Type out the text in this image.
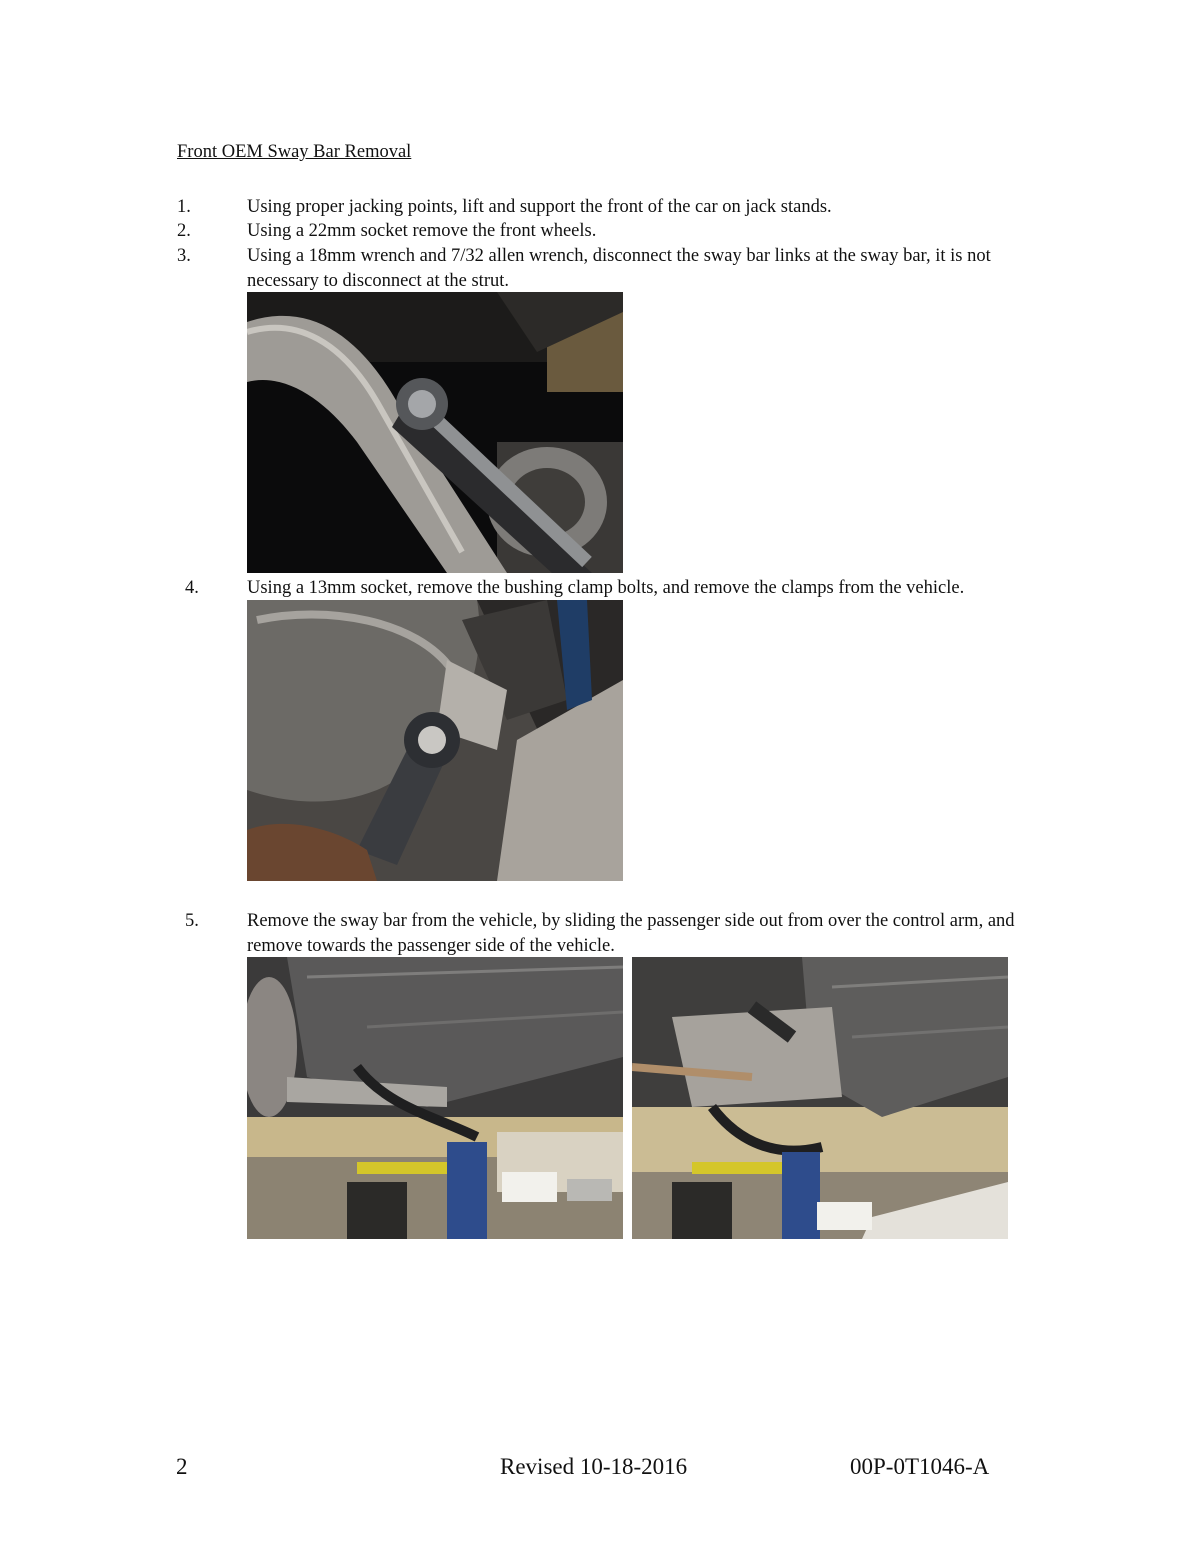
Front OEM Sway Bar Removal
1.	Using proper jacking points, lift and support the front of the car on jack stands.
2.	Using a 22mm socket remove the front wheels.
3.	Using a 18mm wrench and 7/32 allen wrench, disconnect the sway bar links at the sway bar, it is not necessary to disconnect at the strut.
4.	Using a 13mm socket, remove the bushing clamp bolts, and remove the clamps from the vehicle.
5.	Remove the sway bar from the vehicle, by sliding the passenger side out from over the control arm, and remove towards the passenger side of the vehicle.
2	Revised 10-18-2016	00P-0T1046-A
